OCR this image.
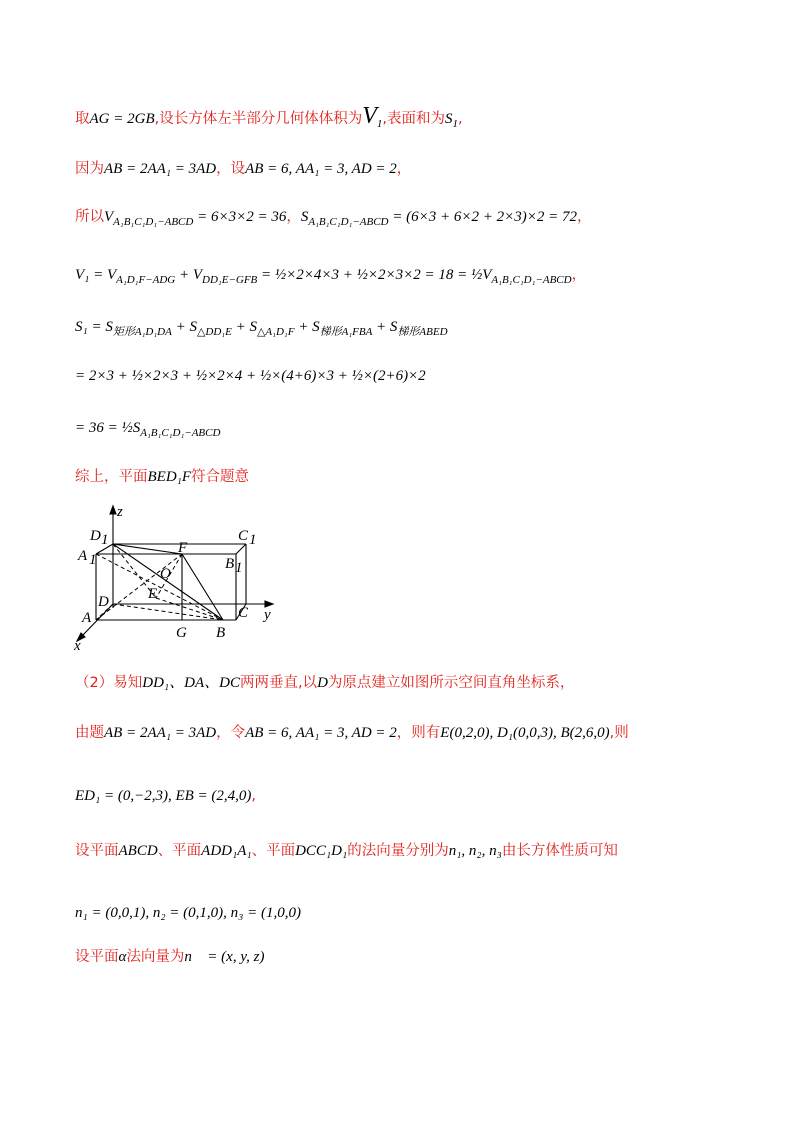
取AG = 2GB,设长方体左半部分几何体体积为$V_1$,表面和为$S_1$,
因为AB = 2AA₁ = 3AD，设AB = 6, AA₁ = 3, AD = 2，
所以$V_{A_1B_1C_1D_1-ABCD} = 6\times 3\times 2 = 36$，$S_{A_1B_1C_1D_1-ABCD} = (6\times 3 + 6\times 2 + 2\times 3)\times 2 = 72$，
$V_1 = V_{A_1D_1F-ADG} + V_{DD_1E-GFB}$ = ½×2×4×3 + ½×2×3×2 = $18 = \frac{1}{2}V_{A_1B_1C_1D_1-ABCD}$，
$S_1 = S_{矩形A_1D_1DA} + S_{\triangle DD_1E} + S_{\triangle A_1D_1F} + S_{梯形A_1FBA} + S_{梯形ABED}$
= 2×3 + ½×2×3 + ½×2×4 + ½×(4+6)×3 + ½×(2+6)×2
= $36 = \frac{1}{2}S_{A_1B_1C_1D_1-ABCD}$
综上，平面BED₁F符合题意
z
D 1	C 1
A 1
F
B 1
O
E
D
y
C
A
G B
x
（2）易知DD₁、DA、DC两两垂直,以D为原点建立如图所示空间直角坐标系，
由题AB = 2AA₁ = 3AD，令AB = 6, AA₁ = 3, AD = 2，则有E(0,2,0), D₁(0,0,3), B(2,6,0),则
ED₁ = (0,−2,3), EB = (2,4,0),
设平面ABCD、平面ADD₁A₁、平面DCC₁D₁的法向量分别为n₁, n₂, n₃由长方体性质可知
n₁ = (0,0,1), n₂ = (0,1,0), n₃ = (1,0,0)
设平面α法向量为n⃗ = (x, y, z)
